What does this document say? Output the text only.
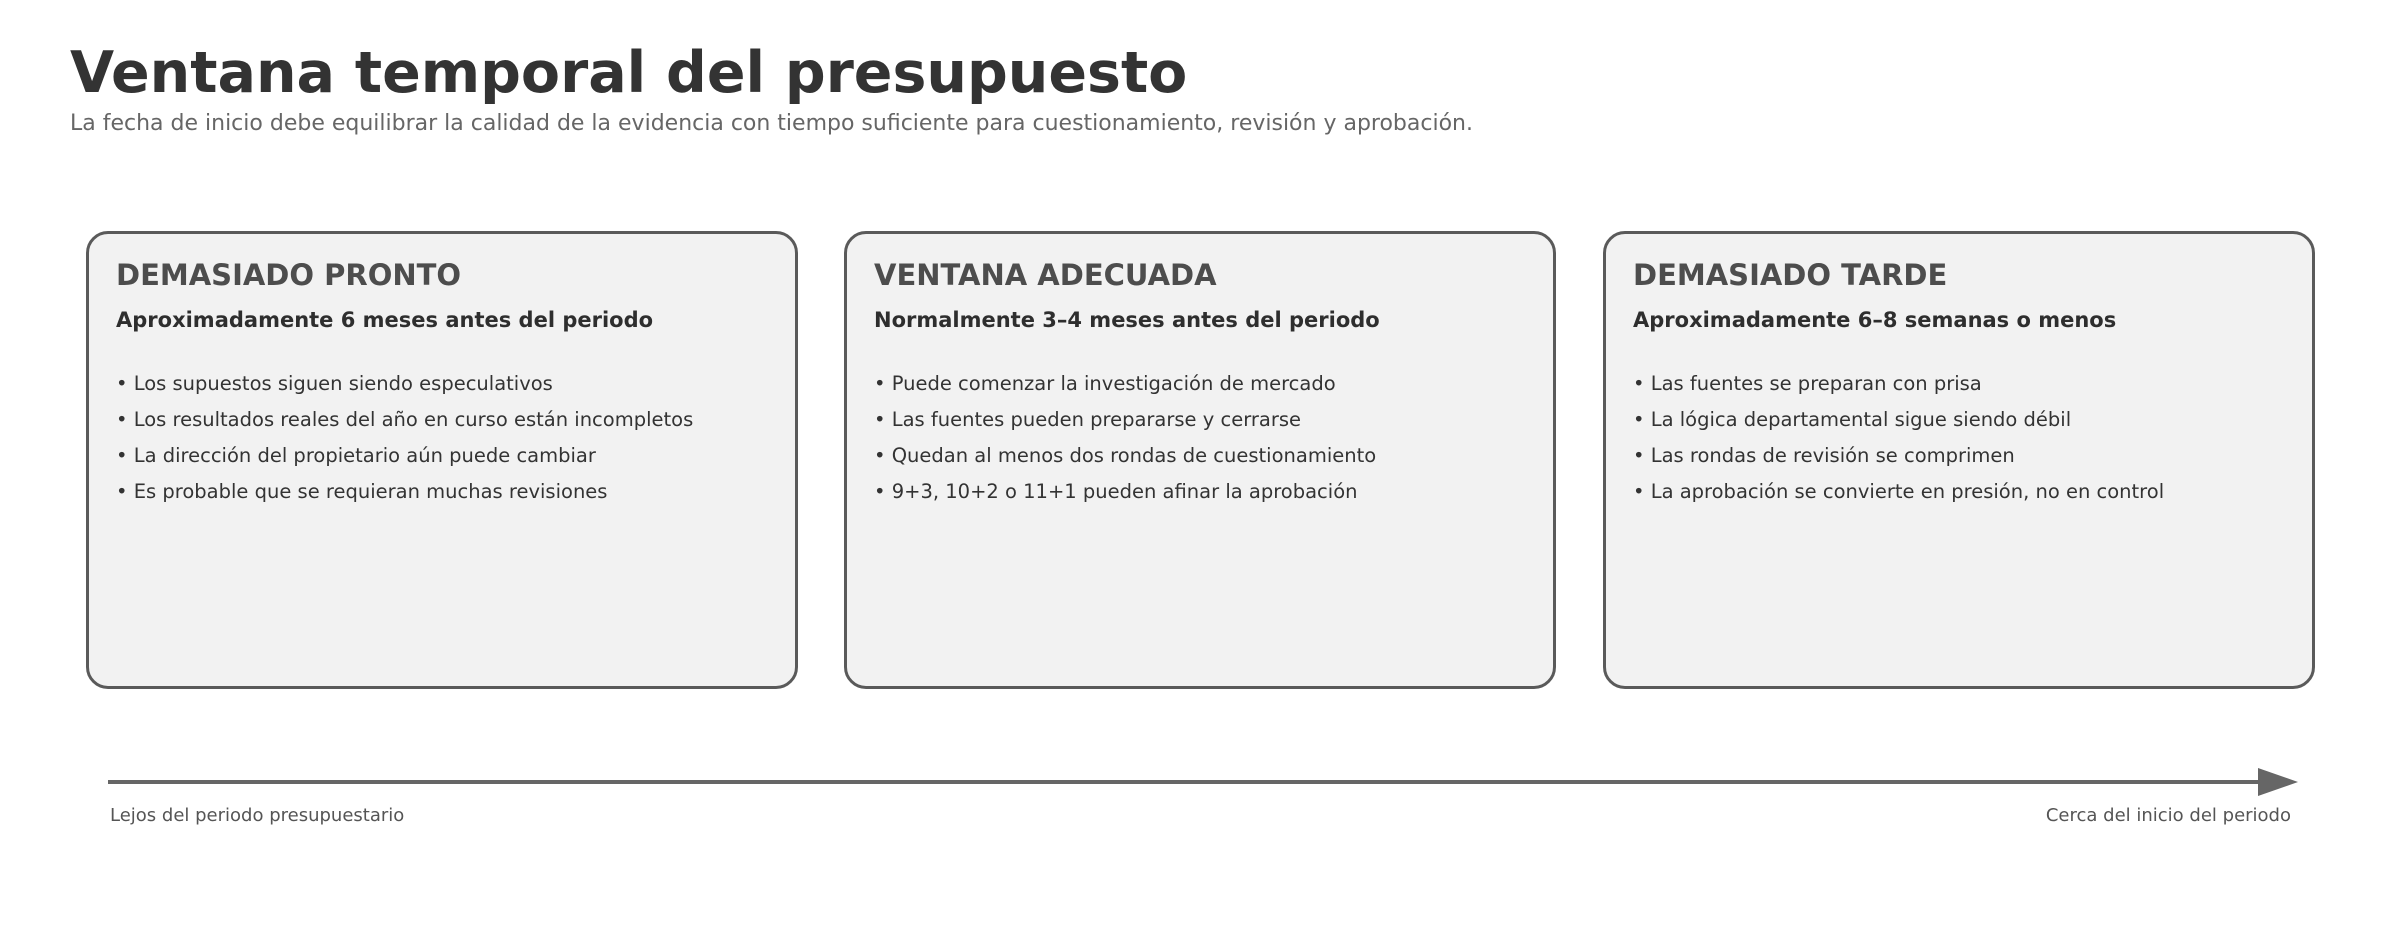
Ventana temporal del presupuesto

La fecha de inicio debe equilibrar la calidad de la evidencia con tiempo suficiente para cuestionamiento, revisión y aprobación.

DEMASIADO PRONTO

Aproximadamente 6 meses antes del periodo

• Los supuestos siguen siendo especulativos
• Los resultados reales del año en curso están incompletos
• La dirección del propietario aún puede cambiar
• Es probable que se requieran muchas revisiones
VENTANA ADECUADA

Normalmente 3–4 meses antes del periodo

• Puede comenzar la investigación de mercado
• Las fuentes pueden prepararse y cerrarse
• Quedan al menos dos rondas de cuestionamiento
• 9+3, 10+2 o 11+1 pueden afinar la aprobación
DEMASIADO TARDE

Aproximadamente 6–8 semanas o menos

• Las fuentes se preparan con prisa
• La lógica departamental sigue siendo débil
• Las rondas de revisión se comprimen
• La aprobación se convierte en presión, no en control
Lejos del periodo presupuestario	Cerca del inicio del periodo
